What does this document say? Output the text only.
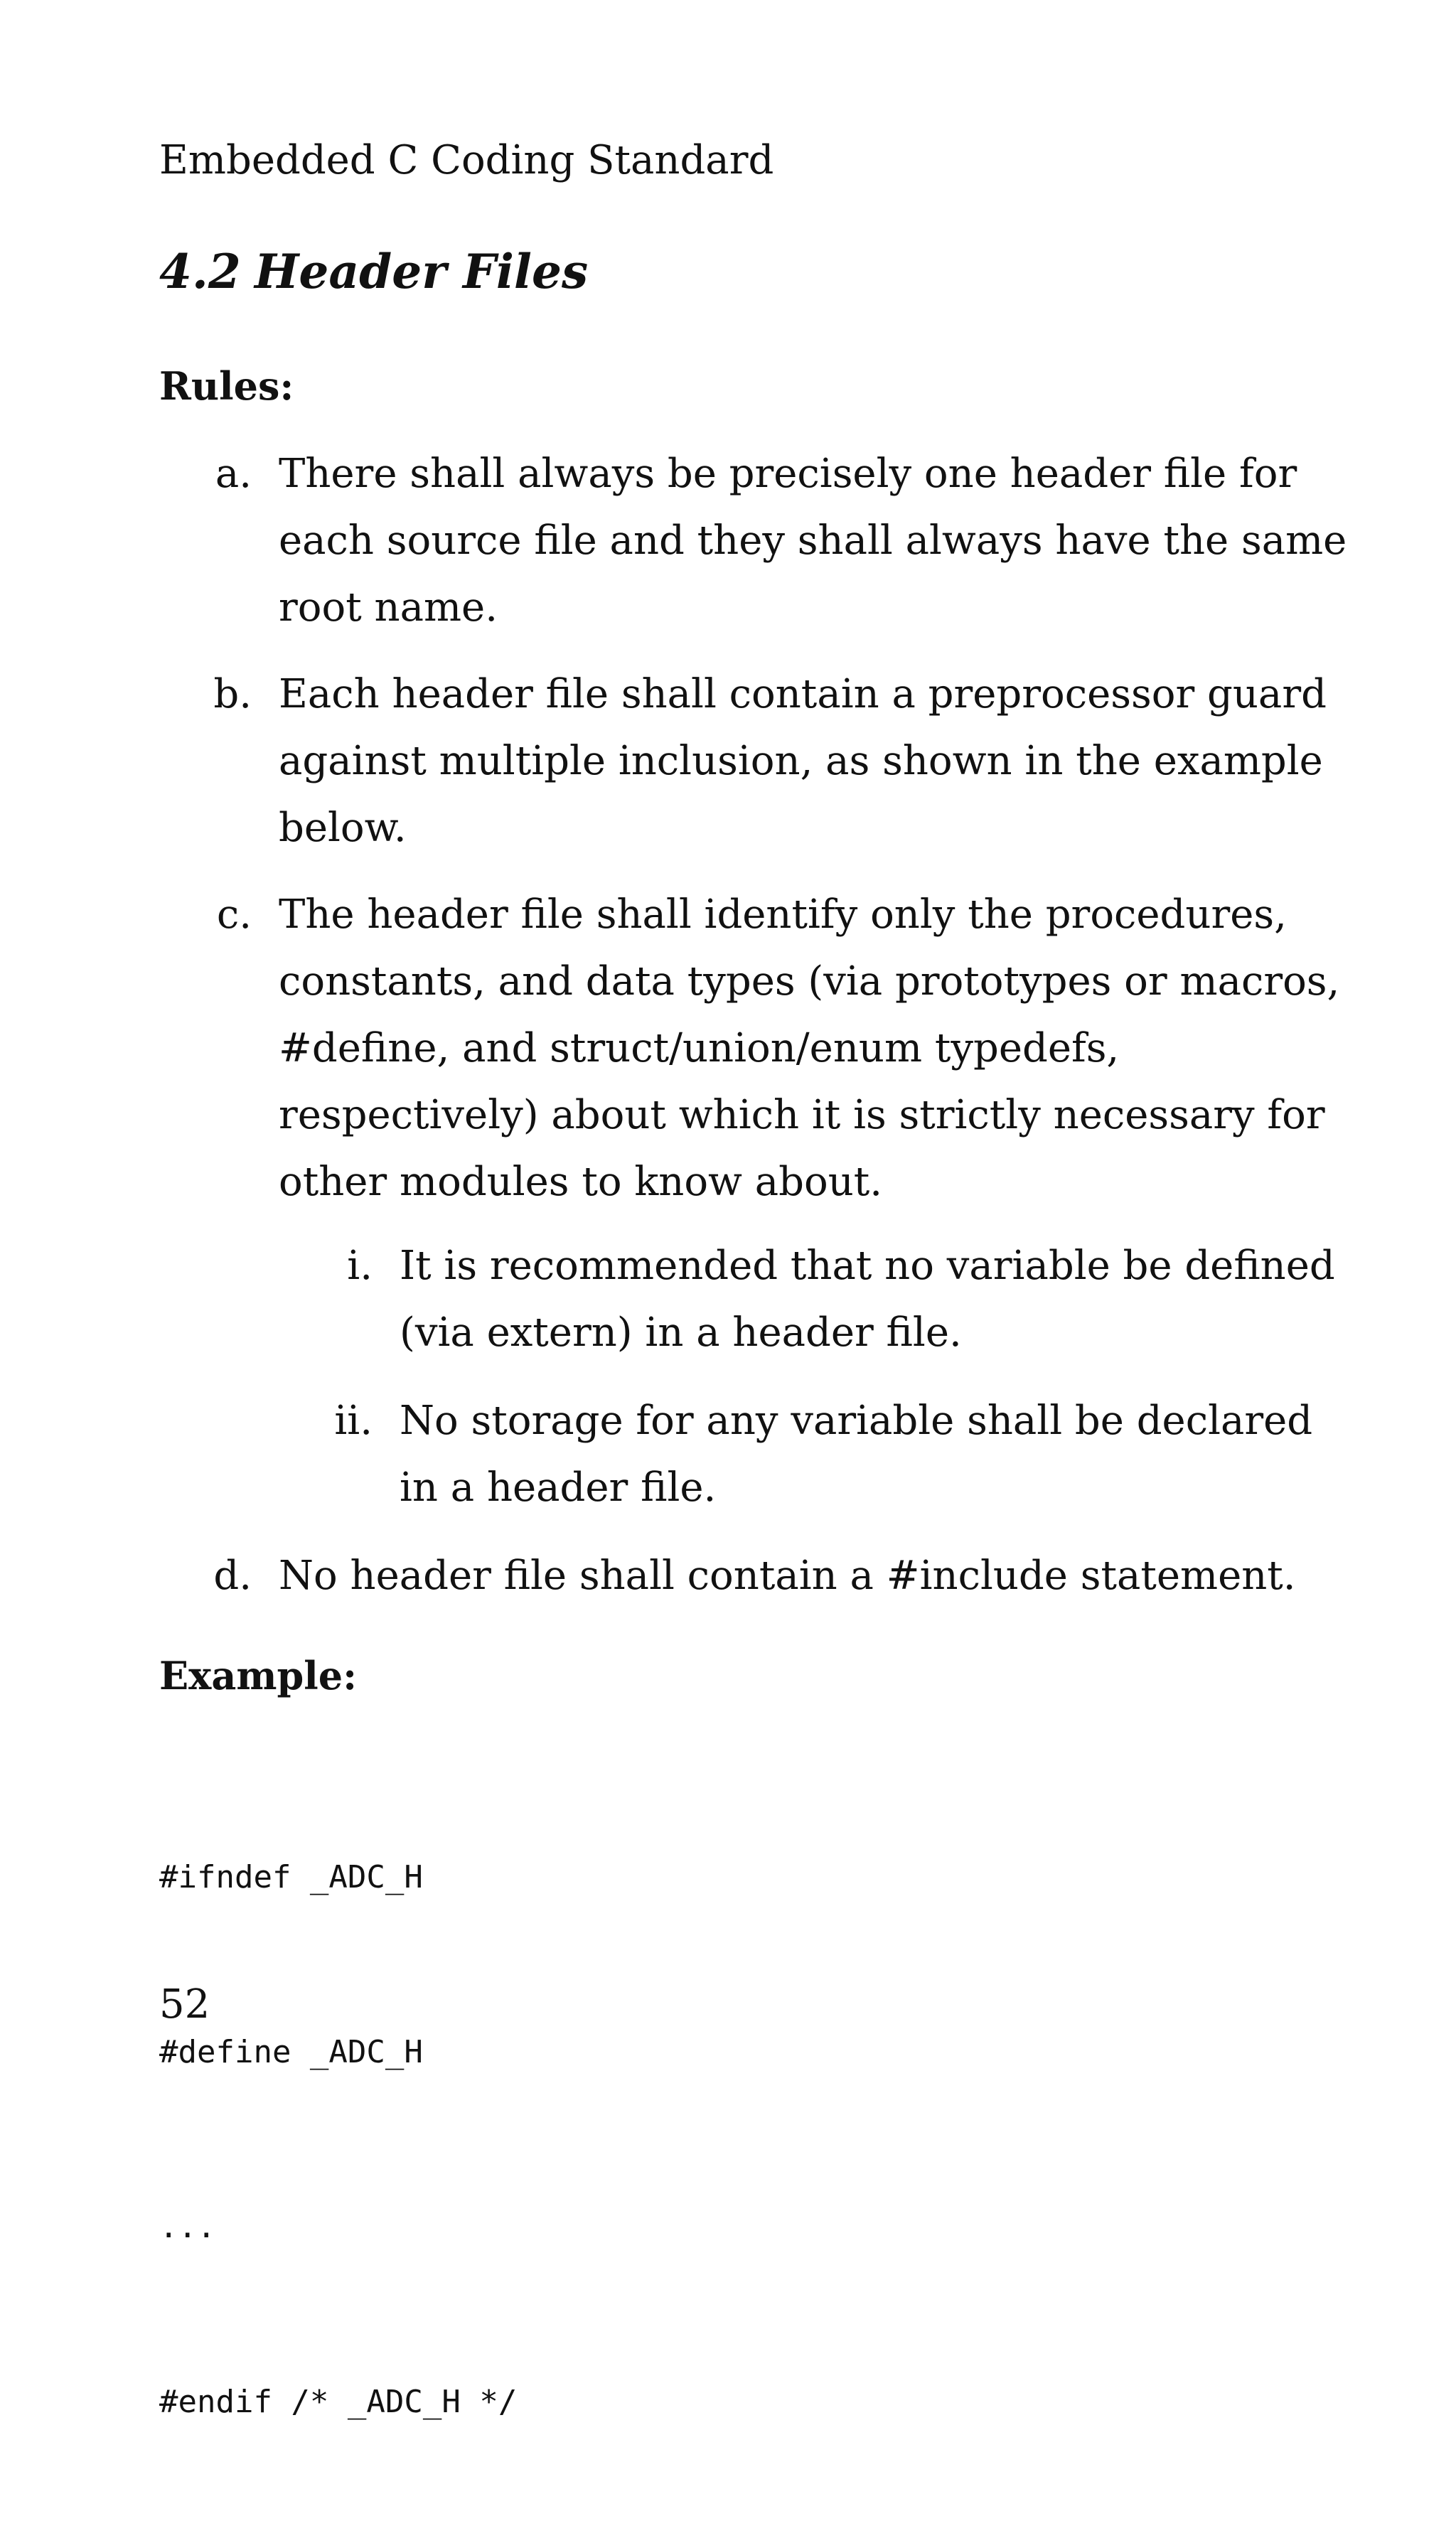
Embedded C Coding Standard
4.2 Header Files
Rules:
a. There shall always be precisely one header file for
each source file and they shall always have the same
root name.
b. Each header file shall contain a preprocessor guard
against multiple inclusion, as shown in the example
below.
c. The header file shall identify only the procedures,
constants, and data types (via prototypes or macros,
#define, and struct/union/enum typedefs,
respectively) about which it is strictly necessary for
other modules to know about.
i. It is recommended that no variable be defined
(via extern) in a header file.
ii. No storage for any variable shall be declared
in a header file.
d. No header file shall contain a #include statement.
Example:

#ifndef _ADC_H

#define _ADC_H

...

#endif /* _ADC_H */

52
